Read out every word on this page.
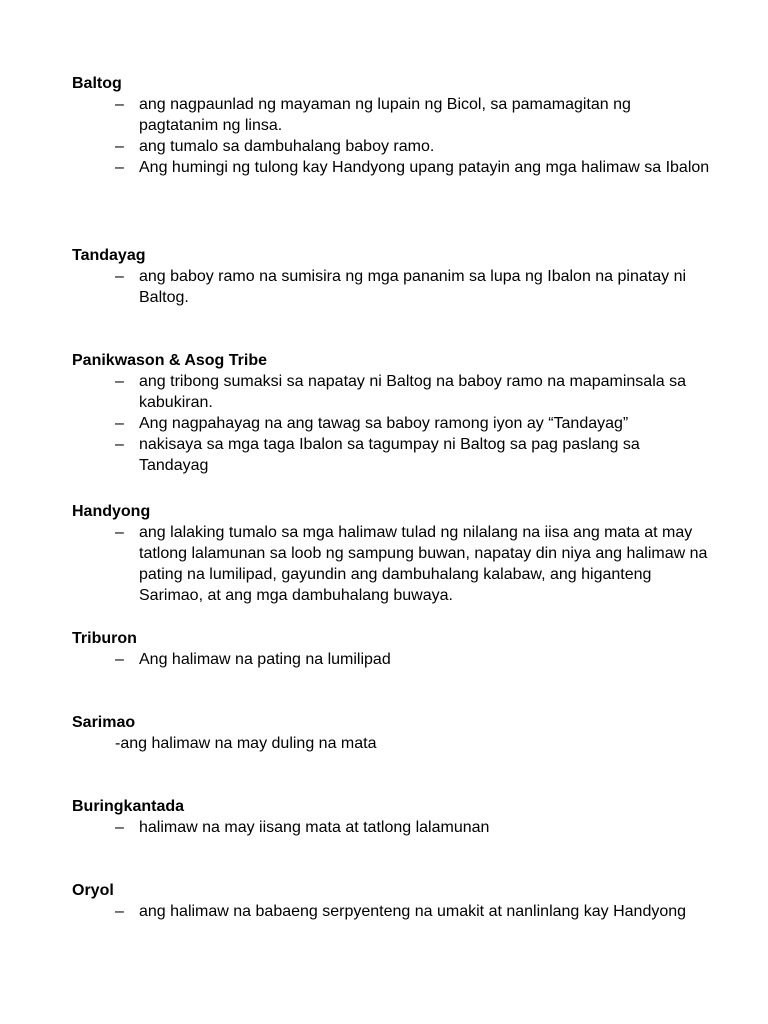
Baltog

– ang nagpaunlad ng mayaman ng lupain ng Bicol, sa pamamagitan ng pagtatanim ng linsa.
– ang tumalo sa dambuhalang baboy ramo.
– Ang humingi ng tulong kay Handyong upang patayin ang mga halimaw sa Ibalon

Tandayag

– ang baboy ramo na sumisira ng mga pananim sa lupa ng Ibalon na pinatay ni Baltog.

Panikwason & Asog Tribe

– ang tribong sumaksi sa napatay ni Baltog na baboy ramo na mapaminsala sa kabukiran.
– Ang nagpahayag na ang tawag sa baboy ramong iyon ay “Tandayag”
– nakisaya sa mga taga Ibalon sa tagumpay ni Baltog sa pag paslang sa Tandayag

Handyong

– ang lalaking tumalo sa mga halimaw tulad ng nilalang na iisa ang mata at may tatlong lalamunan sa loob ng sampung buwan, napatay din niya ang halimaw na pating na lumilipad, gayundin ang dambuhalang kalabaw, ang higanteng Sarimao, at ang mga dambuhalang buwaya.

Triburon

– Ang halimaw na pating na lumilipad

Sarimao

-ang halimaw na may duling na mata

Buringkantada

– halimaw na may iisang mata at tatlong lalamunan

Oryol

– ang halimaw na babaeng serpyenteng na umakit at nanlinlang kay Handyong
